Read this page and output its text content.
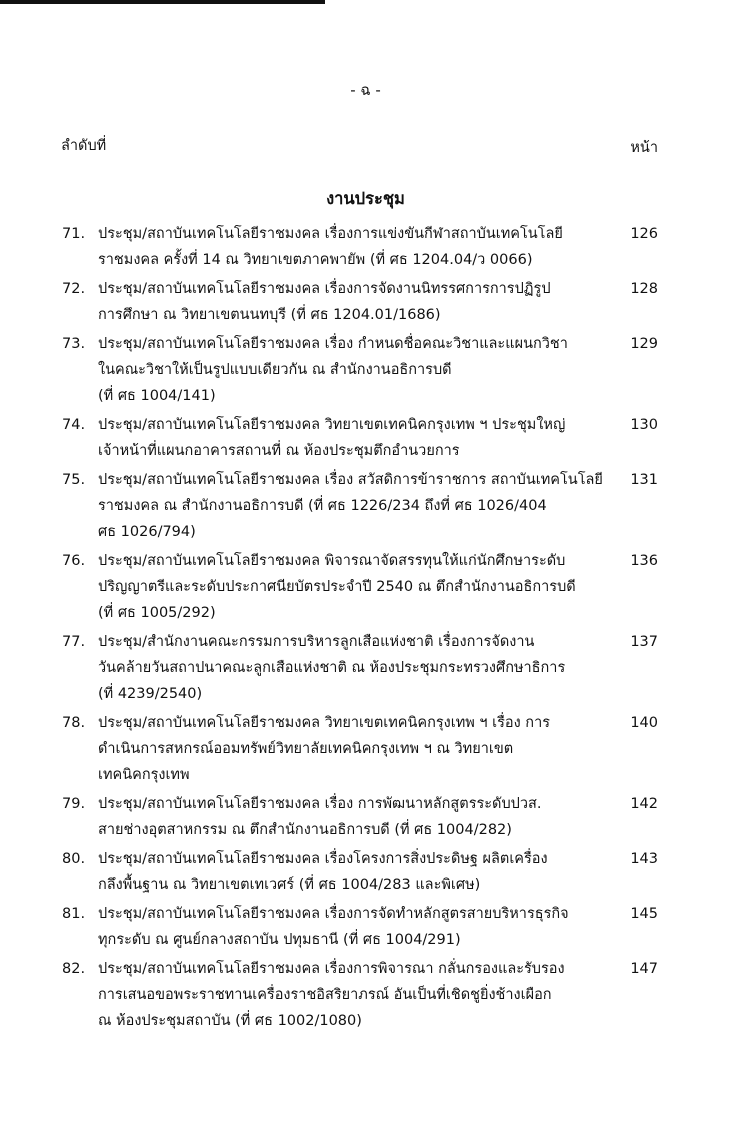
- ฉ -
ลำดับที่	หน้า
งานประชุม
71. ประชุม/สถาบันเทคโนโลยีราชมงคล เรื่องการแข่งขันกีฬาสถาบันเทคโนโลยี
ราชมงคล ครั้งที่ 14 ณ วิทยาเขตภาคพายัพ (ที่ ศธ 1204.04/ว 0066)
126
72. ประชุม/สถาบันเทคโนโลยีราชมงคล เรื่องการจัดงานนิทรรศการการปฏิรูป
การศึกษา ณ วิทยาเขตนนทบุรี (ที่ ศธ 1204.01/1686)
128
73. ประชุม/สถาบันเทคโนโลยีราชมงคล เรื่อง กำหนดชื่อคณะวิชาและแผนกวิชา
ในคณะวิชาให้เป็นรูปแบบเดียวกัน ณ สำนักงานอธิการบดี
(ที่ ศธ 1004/141)
129
74. ประชุม/สถาบันเทคโนโลยีราชมงคล วิทยาเขตเทคนิคกรุงเทพ ฯ ประชุมใหญ่
เจ้าหน้าที่แผนกอาคารสถานที่ ณ ห้องประชุมตึกอำนวยการ
130
75. ประชุม/สถาบันเทคโนโลยีราชมงคล เรื่อง สวัสดิการข้าราชการ สถาบันเทคโนโลยี
ราชมงคล ณ สำนักงานอธิการบดี (ที่ ศธ 1226/234 ถึงที่ ศธ 1026/404
ศธ 1026/794)
131
76. ประชุม/สถาบันเทคโนโลยีราชมงคล พิจารณาจัดสรรทุนให้แก่นักศึกษาระดับ
ปริญญาตรีและระดับประกาศนียบัตรประจำปี 2540 ณ ตึกสำนักงานอธิการบดี
(ที่ ศธ 1005/292)
136
77. ประชุม/สำนักงานคณะกรรมการบริหารลูกเสือแห่งชาติ เรื่องการจัดงาน
วันคล้ายวันสถาปนาคณะลูกเสือแห่งชาติ ณ ห้องประชุมกระทรวงศึกษาธิการ
(ที่ 4239/2540)
137
78. ประชุม/สถาบันเทคโนโลยีราชมงคล วิทยาเขตเทคนิคกรุงเทพ ฯ เรื่อง การ
ดำเนินการสหกรณ์ออมทรัพย์วิทยาลัยเทคนิคกรุงเทพ ฯ ณ วิทยาเขต
เทคนิคกรุงเทพ
140
79. ประชุม/สถาบันเทคโนโลยีราชมงคล เรื่อง การพัฒนาหลักสูตรระดับปวส.
สายช่างอุตสาหกรรม ณ ตึกสำนักงานอธิการบดี (ที่ ศธ 1004/282)
142
80. ประชุม/สถาบันเทคโนโลยีราชมงคล เรื่องโครงการสิ่งประดิษฐ ผลิตเครื่อง
กลึงพื้นฐาน ณ วิทยาเขตเทเวศร์ (ที่ ศธ 1004/283 และพิเศษ)
143
81. ประชุม/สถาบันเทคโนโลยีราชมงคล เรื่องการจัดทำหลักสูตรสายบริหารธุรกิจ
ทุกระดับ ณ ศูนย์กลางสถาบัน ปทุมธานี (ที่ ศธ 1004/291)
145
82. ประชุม/สถาบันเทคโนโลยีราชมงคล เรื่องการพิจารณา กลั่นกรองและรับรอง
การเสนอขอพระราชทานเครื่องราชอิสริยาภรณ์ อันเป็นที่เชิดชูยิ่งช้างเผือก
ณ ห้องประชุมสถาบัน (ที่ ศธ 1002/1080)
147
